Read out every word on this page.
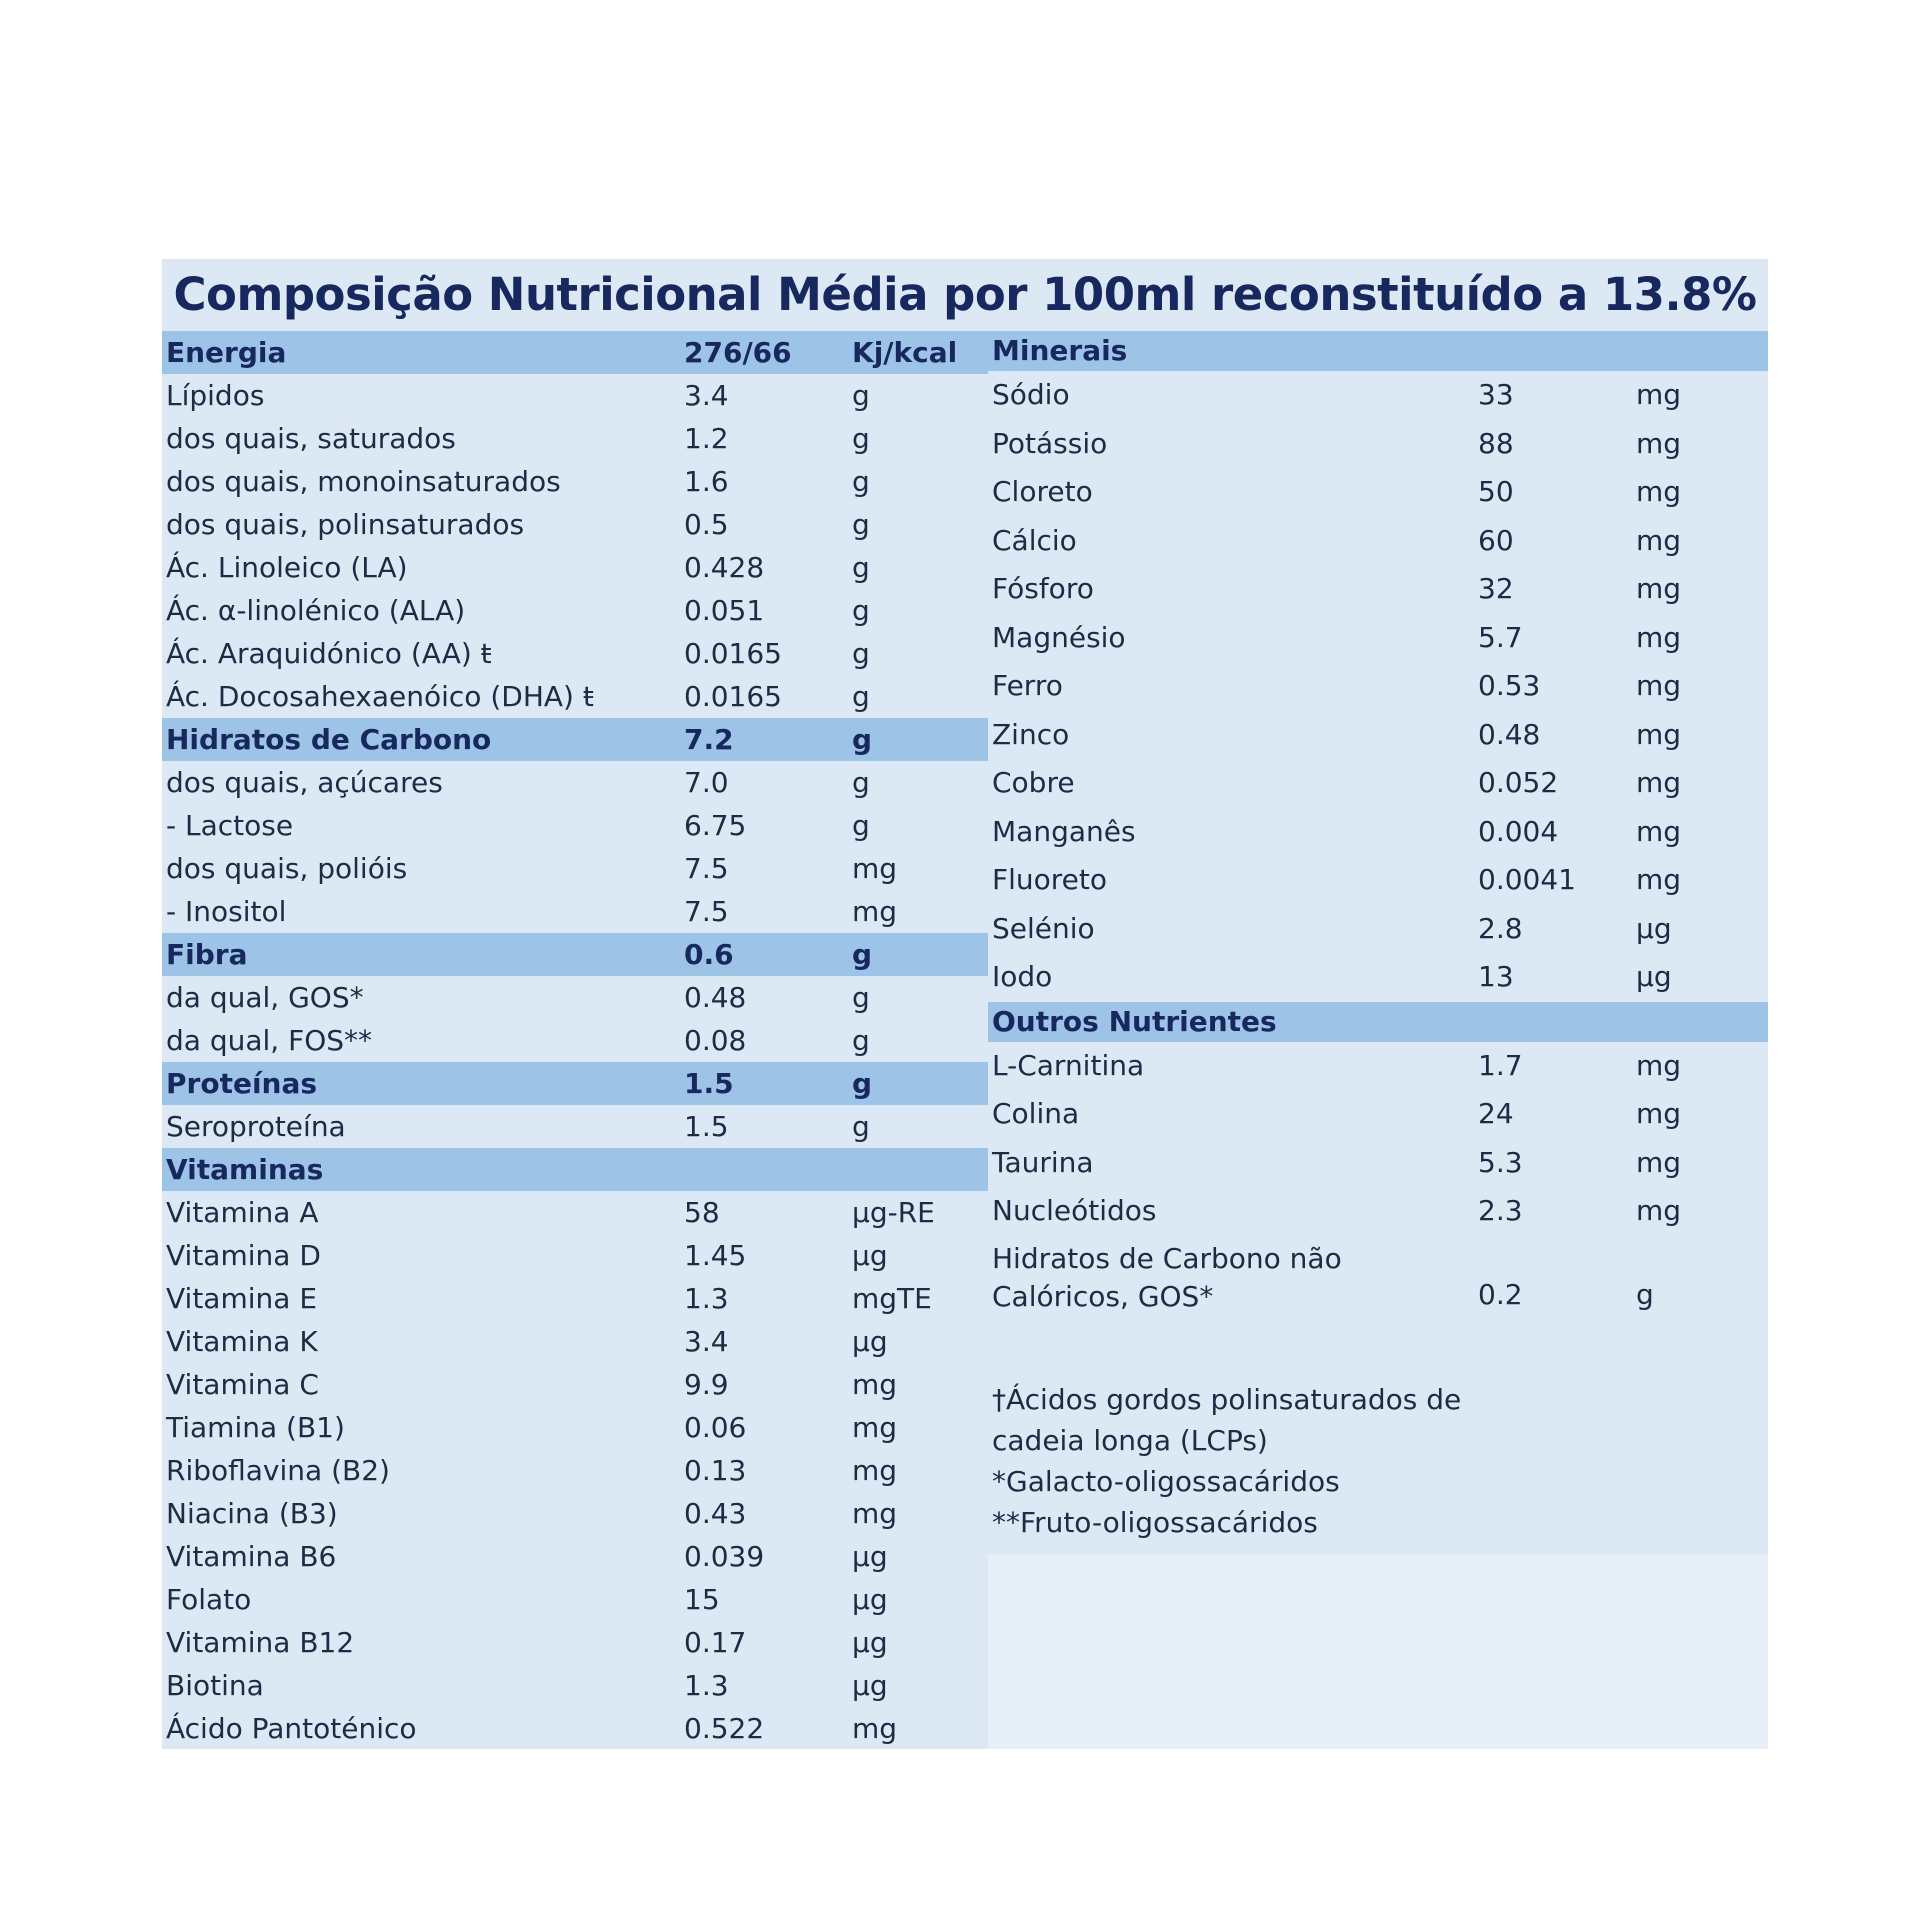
Composição Nutricional Média por 100ml reconstituído a 13.8%
Energia	276/66 Kj/kcal
Lípidos	3.4	g
dos quais, saturados	1.2	g
dos quais, monoinsaturados	1.6	g
dos quais, polinsaturados	0.5	g
Ác. Linoleico (LA)	0.428	g
Ác. α-linolénico (ALA)	0.051	g
Ác. Araquidónico (AA) ŧ	0.0165	g
Ác. Docosahexaenóico (DHA) ŧ	0.0165	g
Hidratos de Carbono	7.2	g
dos quais, açúcares	7.0	g
- Lactose	6.75	g
dos quais, polióis	7.5	mg
- Inositol	7.5	mg
Fibra	0.6	g
da qual, GOS*	0.48	g
da qual, FOS**	0.08	g
Proteínas	1.5	g
Seroproteína	1.5	g
Vitaminas
Vitamina A	58	µg-RE
Vitamina D	1.45	µg
Vitamina E	1.3	mgTE
Vitamina K	3.4	µg
Vitamina C	9.9	mg
Tiamina (B1)	0.06	mg
Riboflavina (B2)	0.13	mg
Niacina (B3)	0.43	mg
Vitamina B6	0.039	µg
Folato	15	µg
Vitamina B12	0.17	µg
Biotina	1.3	µg
Ácido Pantoténico	0.522	mg
Minerais
Sódio	33	mg
Potássio	88	mg
Cloreto	50	mg
Cálcio	60	mg
Fósforo	32	mg
Magnésio	5.7	mg
Ferro	0.53	mg
Zinco	0.48	mg
Cobre	0.052	mg
Manganês	0.004	mg
Fluoreto	0.0041 mg
Selénio	2.8	µg
Iodo	13	µg
Outros Nutrientes
L-Carnitina	1.7	mg
Colina	24	mg
Taurina	5.3	mg
Nucleótidos	2.3	mg
Hidratos de Carbono não
Calóricos, GOS*	0.2	g
†Ácidos gordos polinsaturados de
cadeia longa (LCPs)
*Galacto-oligossacáridos
**Fruto-oligossacáridos
